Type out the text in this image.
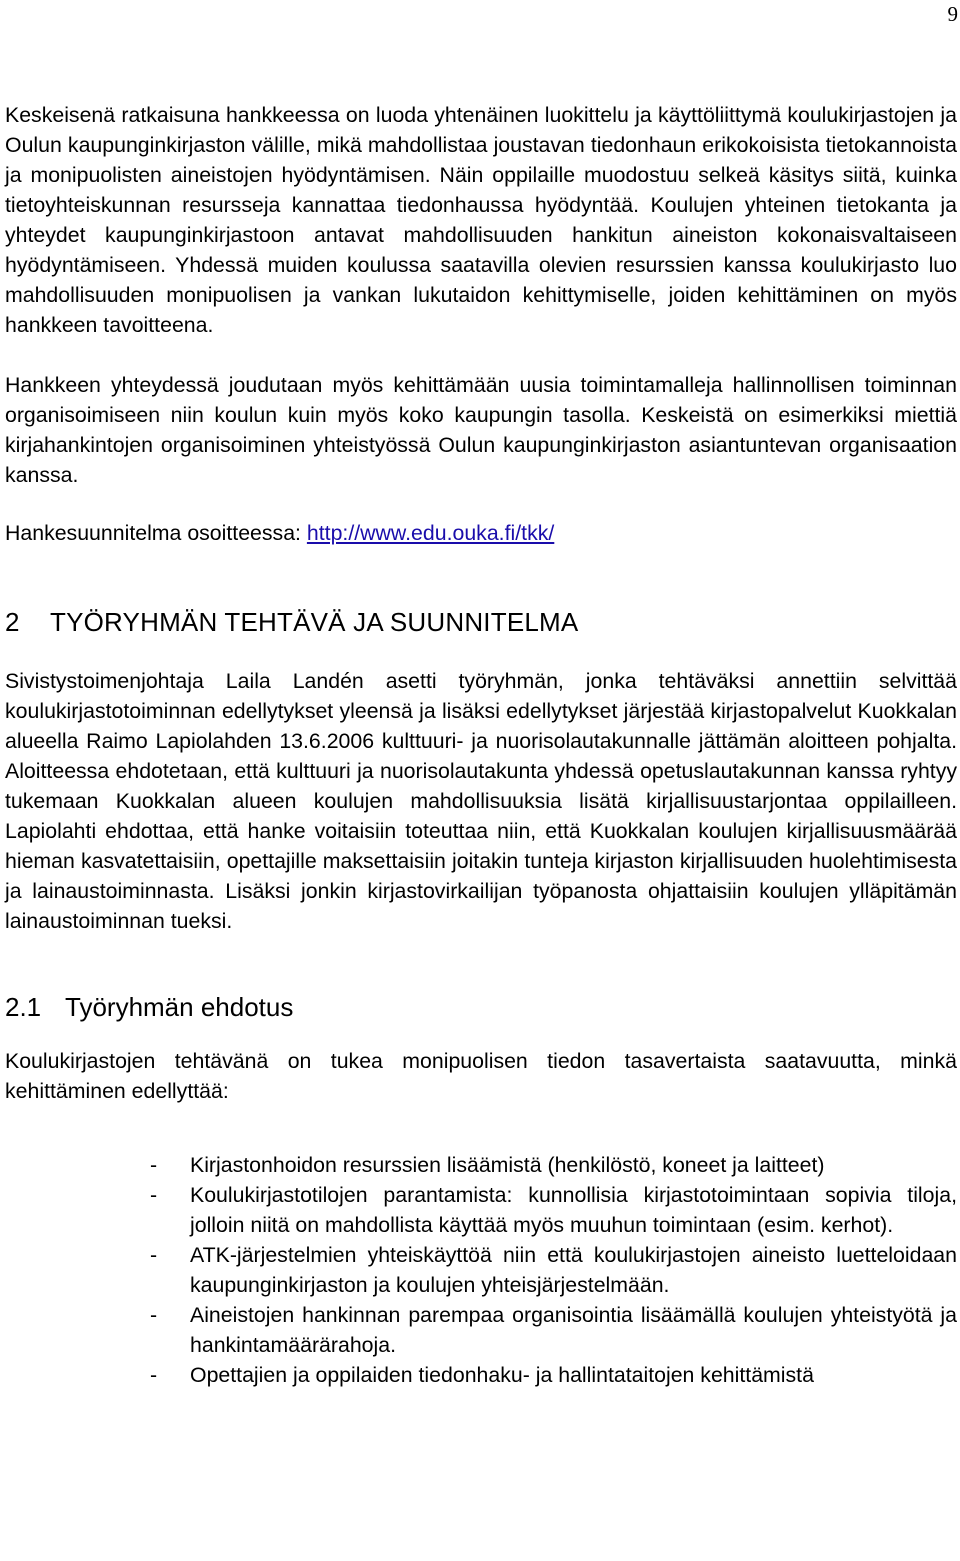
9

Keskeisenä ratkaisuna hankkeessa on luoda yhtenäinen luokittelu ja käyttöliittymä koulukirjastojen ja Oulun kaupunginkirjaston välille, mikä mahdollistaa joustavan tiedonhaun erikokoisista tietokannoista ja monipuolisten aineistojen hyödyntämisen. Näin oppilaille muodostuu selkeä käsitys siitä, kuinka tietoyhteiskunnan resursseja kannattaa tiedonhaussa hyödyntää. Koulujen yhteinen tietokanta ja yhteydet kaupunginkirjastoon antavat mahdollisuuden hankitun aineiston kokonaisvaltaiseen hyödyntämiseen. Yhdessä muiden koulussa saatavilla olevien resurssien kanssa koulukirjasto luo mahdollisuuden monipuolisen ja vankan lukutaidon kehittymiselle, joiden kehittäminen on myös hankkeen tavoitteena.

Hankkeen yhteydessä joudutaan myös kehittämään uusia toimintamalleja hallinnollisen toiminnan organisoimiseen niin koulun kuin myös koko kaupungin tasolla. Keskeistä on esimerkiksi miettiä kirjahankintojen organisoiminen yhteistyössä Oulun kaupunginkirjaston asiantuntevan organisaation kanssa.

Hankesuunnitelma osoitteessa: http://www.edu.ouka.fi/tkk/

2 TYÖRYHMÄN TEHTÄVÄ JA SUUNNITELMA

Sivistystoimenjohtaja Laila Landén asetti työryhmän, jonka tehtäväksi annettiin selvittää koulukirjastotoiminnan edellytykset yleensä ja lisäksi edellytykset järjestää kirjastopalvelut Kuokkalan alueella Raimo Lapiolahden 13.6.2006 kulttuuri- ja nuorisolautakunnalle jättämän aloitteen pohjalta. Aloitteessa ehdotetaan, että kulttuuri ja nuorisolautakunta yhdessä opetuslautakunnan kanssa ryhtyy tukemaan Kuokkalan alueen koulujen mahdollisuuksia lisätä kirjallisuustarjontaa oppilailleen. Lapiolahti ehdottaa, että hanke voitaisiin toteuttaa niin, että Kuokkalan koulujen kirjallisuusmäärää hieman kasvatettaisiin, opettajille maksettaisiin joitakin tunteja kirjaston kirjallisuuden huolehtimisesta ja lainaustoiminnasta. Lisäksi jonkin kirjastovirkailijan työpanosta ohjattaisiin koulujen ylläpitämän lainaustoiminnan tueksi.

2.1 Työryhmän ehdotus

Koulukirjastojen tehtävänä on tukea monipuolisen tiedon tasavertaista saatavuutta, minkä kehittäminen edellyttää:

- Kirjastonhoidon resurssien lisäämistä (henkilöstö, koneet ja laitteet)
- Koulukirjastotilojen parantamista: kunnollisia kirjastotoimintaan sopivia tiloja, jolloin niitä on mahdollista käyttää myös muuhun toimintaan (esim. kerhot).
- ATK-järjestelmien yhteiskäyttöä niin että koulukirjastojen aineisto luetteloidaan kaupunginkirjaston ja koulujen yhteisjärjestelmään.
- Aineistojen hankinnan parempaa organisointia lisäämällä koulujen yhteistyötä ja hankintamäärärahoja.
- Opettajien ja oppilaiden tiedonhaku- ja hallintataitojen kehittämistä
